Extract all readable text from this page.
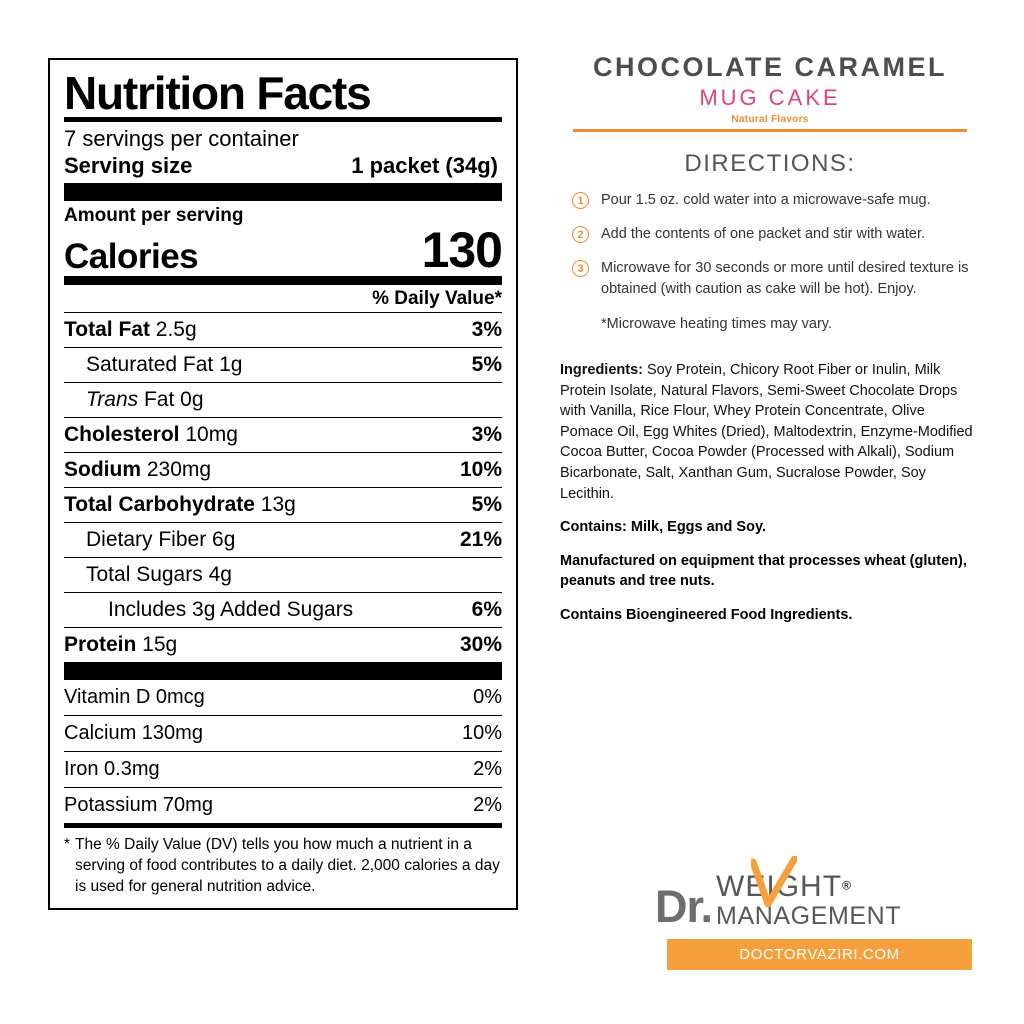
Nutrition Facts
7 servings per container
Serving size	1 packet (34g)
Amount per serving
Calories	130
% Daily Value*
Total Fat 2.5g	3%
Saturated Fat 1g	5%
Trans Fat 0g
Cholesterol 10mg	3%
Sodium 230mg	10%
Total Carbohydrate 13g	5%
Dietary Fiber 6g	21%
Total Sugars 4g
Includes 3g Added Sugars	6%
Protein 15g	30%
Vitamin D 0mcg	0%
Calcium 130mg	10%
Iron 0.3mg	2%
Potassium 70mg	2%
* The % Daily Value (DV) tells you how much a nutrient in a serving of food contributes to a daily diet. 2,000 calories a day is used for general nutrition advice.
CHOCOLATE CARAMEL
MUG CAKE
Natural Flavors
DIRECTIONS:
1	Pour 1.5 oz. cold water into a microwave-safe mug.
2	Add the contents of one packet and stir with water.
3	Microwave for 30 seconds or more until desired texture is obtained (with caution as cake will be hot). Enjoy.
*Microwave heating times may vary.
Ingredients: Soy Protein, Chicory Root Fiber or Inulin, Milk Protein Isolate, Natural Flavors, Semi-Sweet Chocolate Drops with Vanilla, Rice Flour, Whey Protein Concentrate, Olive Pomace Oil, Egg Whites (Dried), Maltodextrin, Enzyme-Modified Cocoa Butter, Cocoa Powder (Processed with Alkali), Sodium Bicarbonate, Salt, Xanthan Gum, Sucralose Powder, Soy Lecithin.
Contains: Milk, Eggs and Soy.
Manufactured on equipment that processes wheat (gluten), peanuts and tree nuts.
Contains Bioengineered Food Ingredients.
Dr. WEIGHT®
MANAGEMENT
DOCTORVAZIRI.COM
